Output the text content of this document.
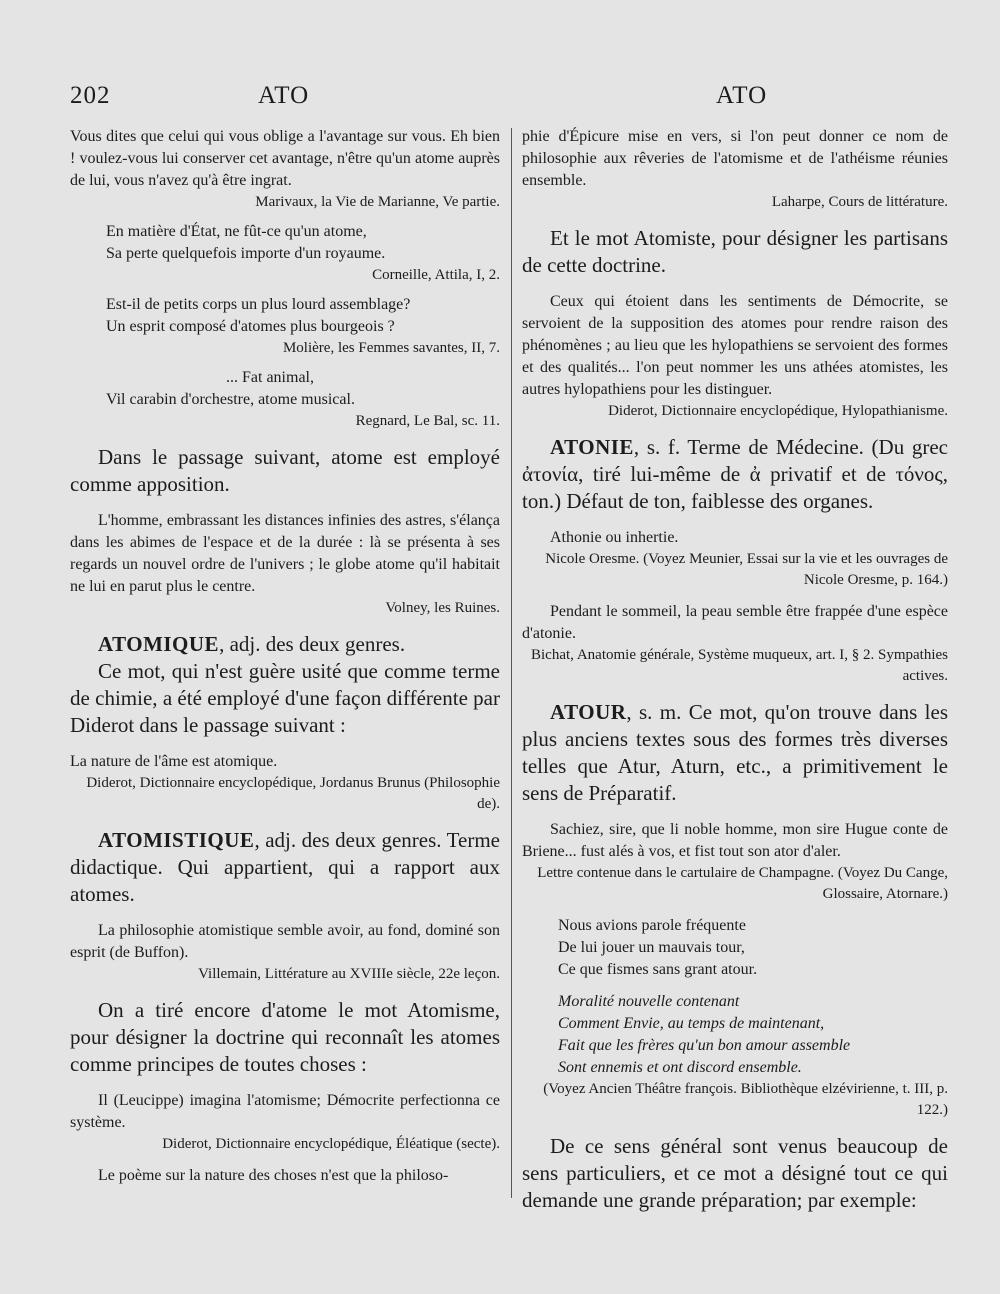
202	ATO	ATO

Vous dites que celui qui vous oblige a l'avantage sur vous. Eh bien ! voulez-vous lui conserver cet avantage, n'être qu'un atome auprès de lui, vous n'avez qu'à être ingrat.

Marivaux, la Vie de Marianne, Ve partie.

En matière d'État, ne fût-ce qu'un atome,

Sa perte quelquefois importe d'un royaume.

Corneille, Attila, I, 2.

Est-il de petits corps un plus lourd assemblage?

Un esprit composé d'atomes plus bourgeois ?

Molière, les Femmes savantes, II, 7.

... Fat animal,

Vil carabin d'orchestre, atome musical.

Regnard, Le Bal, sc. 11.

Dans le passage suivant, atome est employé comme apposition.

L'homme, embrassant les distances infinies des astres, s'élança dans les abimes de l'espace et de la durée : là se présenta à ses regards un nouvel ordre de l'univers ; le globe atome qu'il habitait ne lui en parut plus le centre.

Volney, les Ruines.

ATOMIQUE, adj. des deux genres.

Ce mot, qui n'est guère usité que comme terme de chimie, a été employé d'une façon différente par Diderot dans le passage suivant :

La nature de l'âme est atomique.

Diderot, Dictionnaire encyclopédique, Jordanus Brunus (Philosophie de).

ATOMISTIQUE, adj. des deux genres. Terme didactique. Qui appartient, qui a rapport aux atomes.

La philosophie atomistique semble avoir, au fond, dominé son esprit (de Buffon).

Villemain, Littérature au XVIIIe siècle, 22e leçon.

On a tiré encore d'atome le mot Atomisme, pour désigner la doctrine qui reconnaît les atomes comme principes de toutes choses :

Il (Leucippe) imagina l'atomisme; Démocrite perfectionna ce système.

Diderot, Dictionnaire encyclopédique, Éléatique (secte).

Le poème sur la nature des choses n'est que la philoso-

phie d'Épicure mise en vers, si l'on peut donner ce nom de philosophie aux rêveries de l'atomisme et de l'athéisme réunies ensemble.

Laharpe, Cours de littérature.

Et le mot Atomiste, pour désigner les partisans de cette doctrine.

Ceux qui étoient dans les sentiments de Démocrite, se servoient de la supposition des atomes pour rendre raison des phénomènes ; au lieu que les hylopathiens se servoient des formes et des qualités... l'on peut nommer les uns athées atomistes, les autres hylopathiens pour les distinguer.

Diderot, Dictionnaire encyclopédique, Hylopathianisme.

ATONIE, s. f. Terme de Médecine. (Du grec ἀτονία, tiré lui-même de ἀ privatif et de τόνος, ton.) Défaut de ton, faiblesse des organes.

Athonie ou inhertie.

Nicole Oresme. (Voyez Meunier, Essai sur la vie et les ouvrages de Nicole Oresme, p. 164.)

Pendant le sommeil, la peau semble être frappée d'une espèce d'atonie.

Bichat, Anatomie générale, Système muqueux, art. I, § 2. Sympathies actives.

ATOUR, s. m. Ce mot, qu'on trouve dans les plus anciens textes sous des formes très diverses telles que Atur, Aturn, etc., a primitivement le sens de Préparatif.

Sachiez, sire, que li noble homme, mon sire Hugue conte de Briene... fust alés à vos, et fist tout son ator d'aler.

Lettre contenue dans le cartulaire de Champagne. (Voyez Du Cange, Glossaire, Atornare.)

Nous avions parole fréquente

De lui jouer un mauvais tour,

Ce que fismes sans grant atour.

Moralité nouvelle contenant

Comment Envie, au temps de maintenant,

Fait que les frères qu'un bon amour assemble

Sont ennemis et ont discord ensemble.

(Voyez Ancien Théâtre françois. Bibliothèque elzévirienne, t. III, p. 122.)

De ce sens général sont venus beaucoup de sens particuliers, et ce mot a désigné tout ce qui demande une grande préparation; par exemple:
